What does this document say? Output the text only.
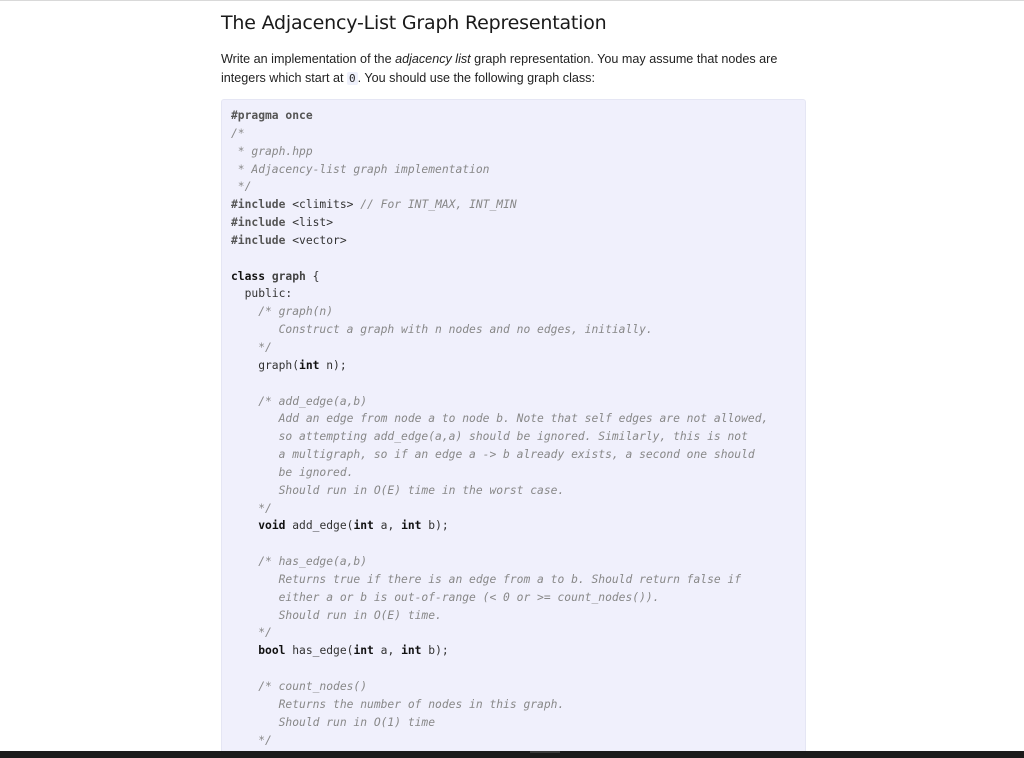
The Adjacency-List Graph Representation

Write an implementation of the adjacency list graph representation. You may assume that nodes are integers which start at 0 . You should use the following graph class:

#pragma once
/*
* graph.hpp
* Adjacency-list graph implementation
*/
#include <climits> // For INT_MAX, INT_MIN
#include <list>
#include <vector>

class graph {
public:
/* graph(n)
Construct a graph with n nodes and no edges, initially.
*/
graph(int n);

/* add_edge(a,b)
Add an edge from node a to node b. Note that self edges are not allowed,
so attempting add_edge(a,a) should be ignored. Similarly, this is not
a multigraph, so if an edge a -> b already exists, a second one should
be ignored.
Should run in O(E) time in the worst case.
*/
void add_edge(int a, int b);

/* has_edge(a,b)
Returns true if there is an edge from a to b. Should return false if
either a or b is out-of-range (< 0 or >= count_nodes()).
Should run in O(E) time.
*/
bool has_edge(int a, int b);

/* count_nodes()
Returns the number of nodes in this graph.
Should run in O(1) time
*/
